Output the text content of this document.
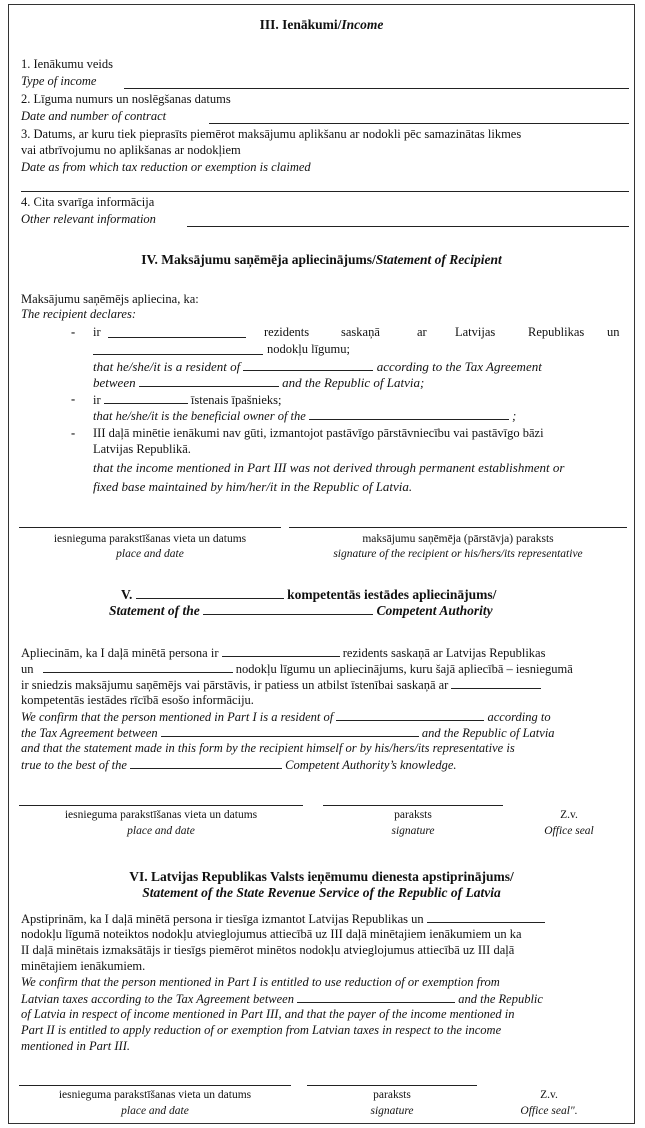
III. Ienākumi/Income
1. Ienākumu veids
Type of income
2. Līguma numurs un noslēgšanas datums
Date and number of contract
3. Datums, ar kuru tiek pieprasīts piemērot maksājumu aplikšanu ar nodokli pēc samazinātas likmes
vai atbrīvojumu no aplikšanas ar nodokļiem
Date as from which tax reduction or exemption is claimed
4. Cita svarīga informācija
Other relevant information
IV. Maksājumu saņēmēja apliecinājums/Statement of Recipient
Maksājumu saņēmējs apliecina, ka:
The recipient declares:
- ir	rezidents	saskaņā	ar Latvijas	Republikas un
nodokļu līgumu;
that he/she/it is a resident of	according to the Tax Agreement
between	and the Republic of Latvia;
- ir	īstenais īpašnieks;
that he/she/it is the beneficial owner of the	;
- III daļā minētie ienākumi nav gūti, izmantojot pastāvīgo pārstāvniecību vai pastāvīgo bāzi
Latvijas Republikā.
that the income mentioned in Part III was not derived through permanent establishment or
fixed base maintained by him/her/it in the Republic of Latvia.
iesnieguma parakstīšanas vieta un datums
place and date
maksājumu saņēmēja (pārstāvja) paraksts
signature of the recipient or his/hers/its representative
V.	kompetentās iestādes apliecinājums/
Statement of the	Competent Authority
Apliecinām, ka I daļā minētā persona ir	rezidents saskaņā ar Latvijas Republikas
un	nodokļu līgumu un apliecinājums, kuru šajā apliecībā – iesniegumā
ir sniedzis maksājumu saņēmējs vai pārstāvis, ir patiess un atbilst īstenībai saskaņā ar
kompetentās iestādes rīcībā esošo informāciju.
We confirm that the person mentioned in Part I is a resident of	according to
the Tax Agreement between	and the Republic of Latvia
and that the statement made in this form by the recipient himself or by his/hers/its representative is
true to the best of the	Competent Authority’s knowledge.
iesnieguma parakstīšanas vieta un datums
place and date
paraksts
signature
Z.v.
Office seal
VI. Latvijas Republikas Valsts ieņēmumu dienesta apstiprinājums/
Statement of the State Revenue Service of the Republic of Latvia
Apstiprinām, ka I daļā minētā persona ir tiesīga izmantot Latvijas Republikas un
nodokļu līgumā noteiktos nodokļu atvieglojumus attiecībā uz III daļā minētajiem ienākumiem un ka
II daļā minētais izmaksātājs ir tiesīgs piemērot minētos nodokļu atvieglojumus attiecībā uz III daļā
minētajiem ienākumiem.
We confirm that the person mentioned in Part I is entitled to use reduction of or exemption from
Latvian taxes according to the Tax Agreement between	and the Republic
of Latvia in respect of income mentioned in Part III, and that the payer of the income mentioned in
Part II is entitled to apply reduction of or exemption from Latvian taxes in respect to the income
mentioned in Part III.
iesnieguma parakstīšanas vieta un datums
place and date
paraksts
signature
Z.v.
Office seal".
